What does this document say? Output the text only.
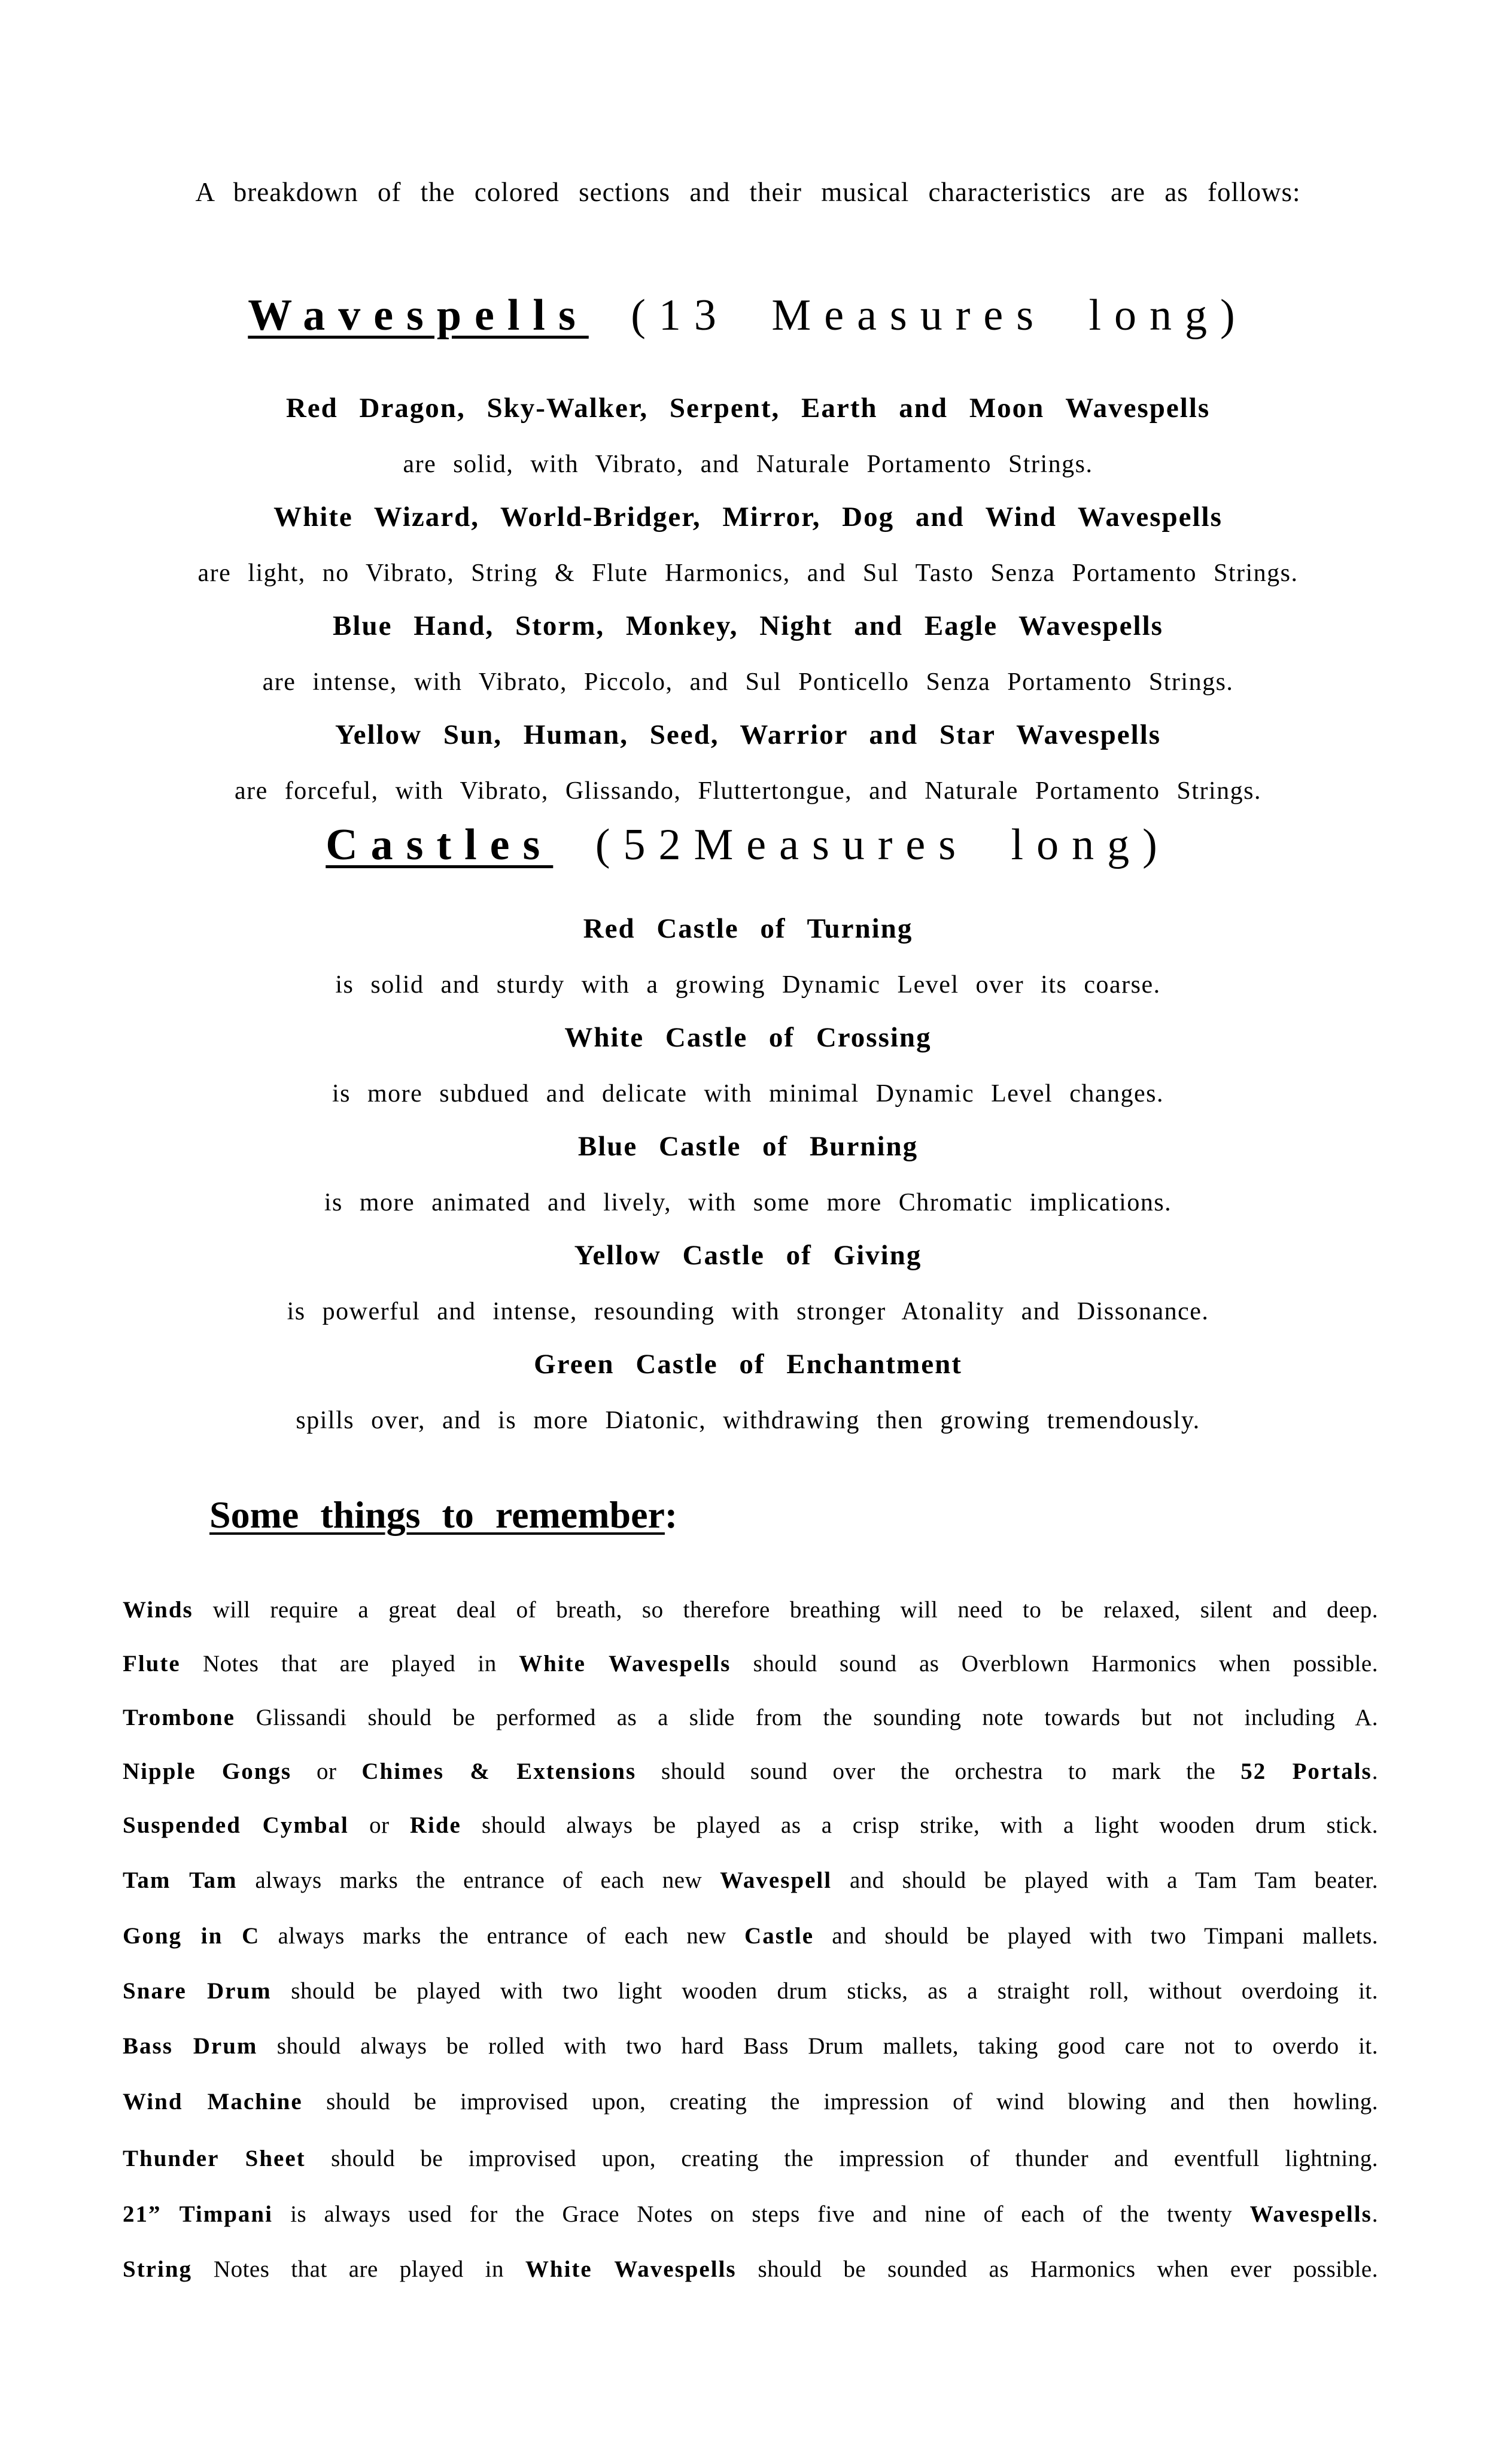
A breakdown of the colored sections and their musical characteristics are as follows:
Wavespells (13 Measures long)
Red Dragon, Sky-Walker, Serpent, Earth and Moon Wavespells
are solid, with Vibrato, and Naturale Portamento Strings.
White Wizard, World-Bridger, Mirror, Dog and Wind Wavespells
are light, no Vibrato, String & Flute Harmonics, and Sul Tasto Senza Portamento Strings.
Blue Hand, Storm, Monkey, Night and Eagle Wavespells
are intense, with Vibrato, Piccolo, and Sul Ponticello Senza Portamento Strings.
Yellow Sun, Human, Seed, Warrior and Star Wavespells
are forceful, with Vibrato, Glissando, Fluttertongue, and Naturale Portamento Strings.
Castles (52Measures long)
Red Castle of Turning
is solid and sturdy with a growing Dynamic Level over its coarse.
White Castle of Crossing
is more subdued and delicate with minimal Dynamic Level changes.
Blue Castle of Burning
is more animated and lively, with some more Chromatic implications.
Yellow Castle of Giving
is powerful and intense, resounding with stronger Atonality and Dissonance.
Green Castle of Enchantment
spills over, and is more Diatonic, withdrawing then growing tremendously.
Some things to remember:
Winds will require a great deal of breath, so therefore breathing will need to be relaxed, silent and deep.
Flute Notes that are played in White Wavespells should sound as Overblown Harmonics when possible.
Trombone Glissandi should be performed as a slide from the sounding note towards but not including A.
Nipple Gongs or Chimes & Extensions should sound over the orchestra to mark the 52 Portals.
Suspended Cymbal or Ride should always be played as a crisp strike, with a light wooden drum stick.
Tam Tam always marks the entrance of each new Wavespell and should be played with a Tam Tam beater.
Gong in C always marks the entrance of each new Castle and should be played with two Timpani mallets.
Snare Drum should be played with two light wooden drum sticks, as a straight roll, without overdoing it.
Bass Drum should always be rolled with two hard Bass Drum mallets, taking good care not to overdo it.
Wind Machine should be improvised upon, creating the impression of wind blowing and then howling.
Thunder Sheet should be improvised upon, creating the impression of thunder and eventfull lightning.
21” Timpani is always used for the Grace Notes on steps five and nine of each of the twenty Wavespells.
String Notes that are played in White Wavespells should be sounded as Harmonics when ever possible.
